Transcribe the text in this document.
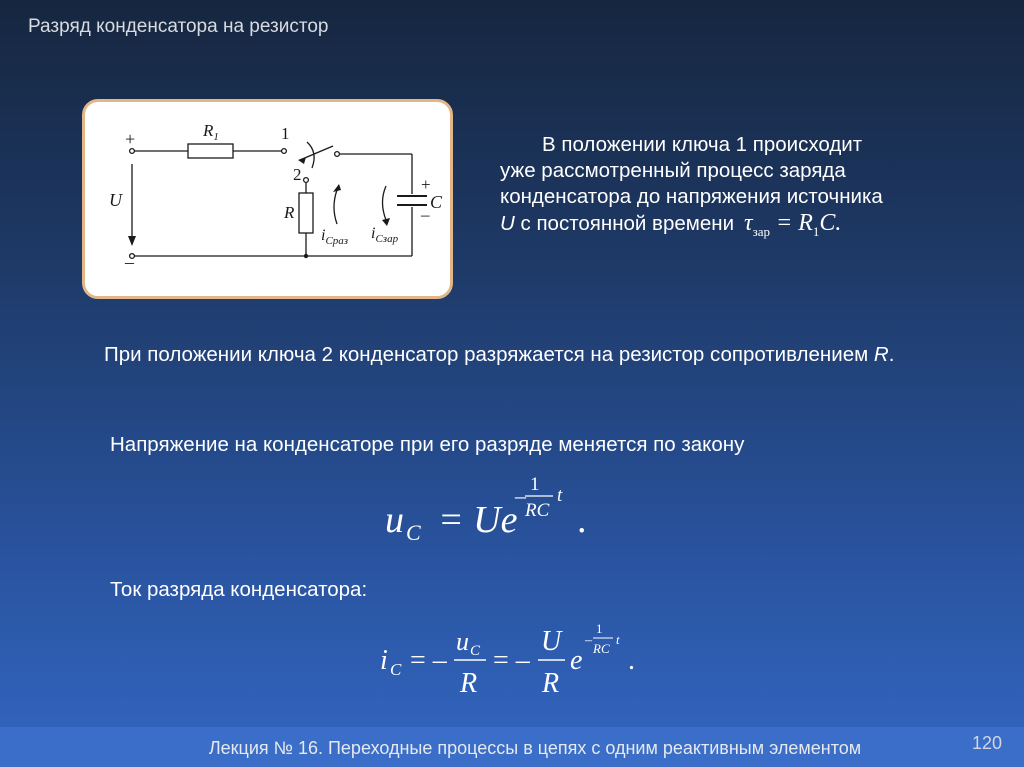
Разряд конденсатора на резистор
+
–
$R_1$	1
2
U
R
+
–
C
$i_{Cраз}$ $i_{Cзар}$
В положении ключа 1 происходит
уже рассмотренный процесс заряда
конденсатора до напряжения источника
U с постоянной времени $\tau_{зар} = R_1C$.
При положении ключа 2 конденсатор разряжается на резистор сопротивлением R.
Напряжение на конденсаторе при его разряде меняется по закону
u C = Ue
– 1
RC
t
.
Ток разряда конденсатора:
i C = –
u C
R
= –
U
R
e
–
1
RC
t
.
Лекция № 16. Переходные процессы в цепях с одним реактивным элементом	120
